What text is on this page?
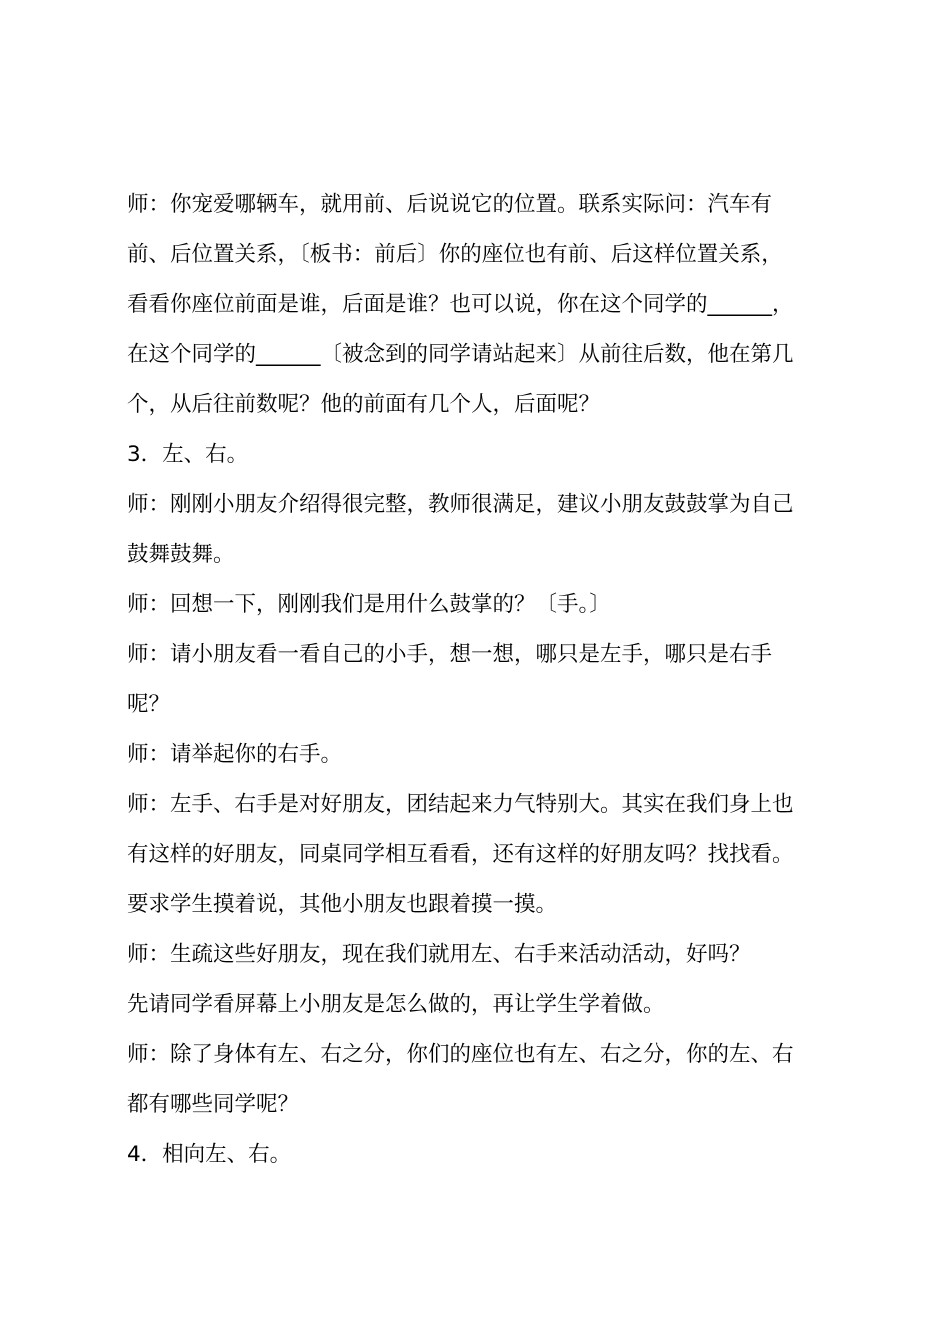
师：你宠爱哪辆车，就用前、后说说它的位置。联系实际问：汽车有

前、后位置关系，〔板书：前后〕你的座位也有前、后这样位置关系，

看看你座位前面是谁，后面是谁？也可以说，你在这个同学的______，

在这个同学的______〔被念到的同学请站起来〕从前往后数，他在第几

个，从后往前数呢？他的前面有几个人，后面呢？

3．左、右。

师：刚刚小朋友介绍得很完整，教师很满足，建议小朋友鼓鼓掌为自己

鼓舞鼓舞。

师：回想一下，刚刚我们是用什么鼓掌的？〔手。〕

师：请小朋友看一看自己的小手，想一想，哪只是左手，哪只是右手

呢？

师：请举起你的右手。

师：左手、右手是对好朋友，团结起来力气特别大。其实在我们身上也

有这样的好朋友，同桌同学相互看看，还有这样的好朋友吗？找找看。

要求学生摸着说，其他小朋友也跟着摸一摸。

师：生疏这些好朋友，现在我们就用左、右手来活动活动，好吗？

先请同学看屏幕上小朋友是怎么做的，再让学生学着做。

师：除了身体有左、右之分，你们的座位也有左、右之分，你的左、右

都有哪些同学呢？

4．相向左、右。
